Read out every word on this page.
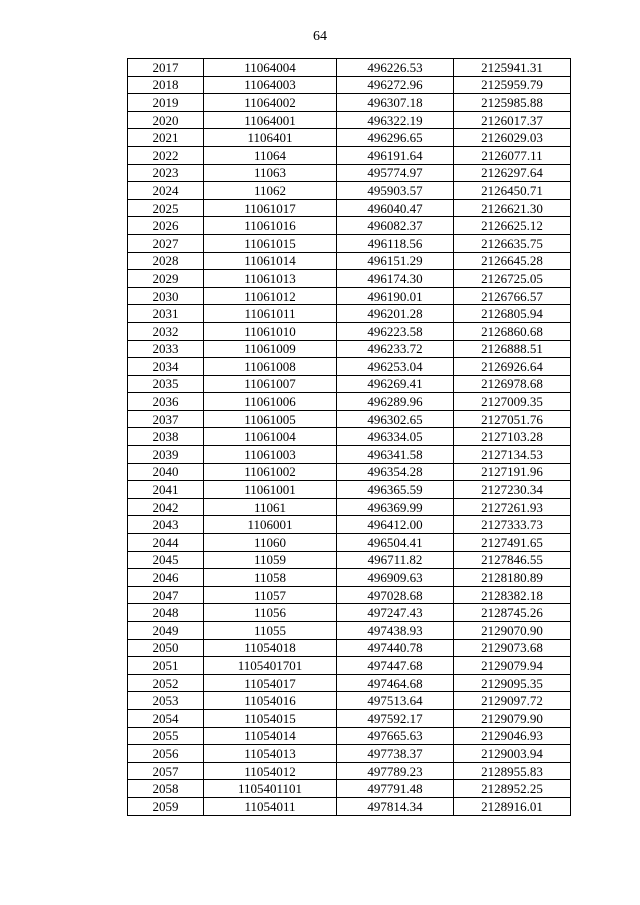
64
2017	11064004	496226.53	2125941.31
2018	11064003	496272.96	2125959.79
2019	11064002	496307.18	2125985.88
2020	11064001	496322.19	2126017.37
2021	1106401	496296.65	2126029.03
2022	11064	496191.64	2126077.11
2023	11063	495774.97	2126297.64
2024	11062	495903.57	2126450.71
2025	11061017	496040.47	2126621.30
2026	11061016	496082.37	2126625.12
2027	11061015	496118.56	2126635.75
2028	11061014	496151.29	2126645.28
2029	11061013	496174.30	2126725.05
2030	11061012	496190.01	2126766.57
2031	11061011	496201.28	2126805.94
2032	11061010	496223.58	2126860.68
2033	11061009	496233.72	2126888.51
2034	11061008	496253.04	2126926.64
2035	11061007	496269.41	2126978.68
2036	11061006	496289.96	2127009.35
2037	11061005	496302.65	2127051.76
2038	11061004	496334.05	2127103.28
2039	11061003	496341.58	2127134.53
2040	11061002	496354.28	2127191.96
2041	11061001	496365.59	2127230.34
2042	11061	496369.99	2127261.93
2043	1106001	496412.00	2127333.73
2044	11060	496504.41	2127491.65
2045	11059	496711.82	2127846.55
2046	11058	496909.63	2128180.89
2047	11057	497028.68	2128382.18
2048	11056	497247.43	2128745.26
2049	11055	497438.93	2129070.90
2050	11054018	497440.78	2129073.68
2051	1105401701	497447.68	2129079.94
2052	11054017	497464.68	2129095.35
2053	11054016	497513.64	2129097.72
2054	11054015	497592.17	2129079.90
2055	11054014	497665.63	2129046.93
2056	11054013	497738.37	2129003.94
2057	11054012	497789.23	2128955.83
2058	1105401101	497791.48	2128952.25
2059	11054011	497814.34	2128916.01
